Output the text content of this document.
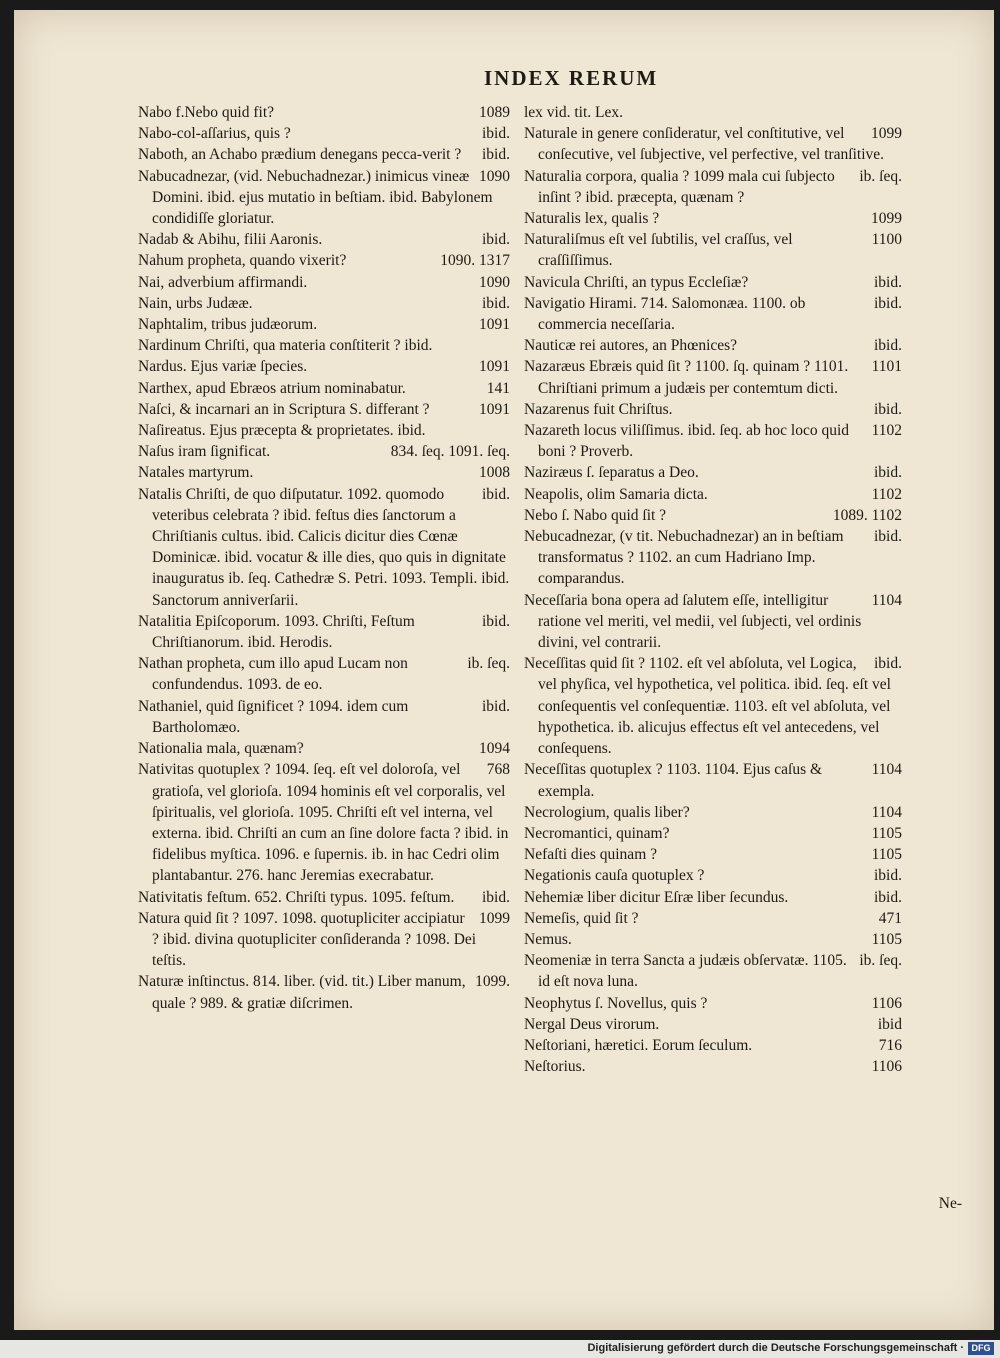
INDEX RERUM
1089
Nabo f.Nebo quid fit?
ibid.
Nabo-col-aſſarius, quis ?
ibid.
Naboth, an Achabo prædium denegans pecca-verit ?
1090
Nabucadnezar, (vid. Nebuchadnezar.) inimicus vineæ Domini. ibid. ejus mutatio in beſtiam. ibid. Babylonem condidiſſe gloriatur.
ibid.
Nadab & Abihu, filii Aaronis.
1090. 1317
Nahum propheta, quando vixerit?
1090
Nai, adverbium affirmandi.
ibid.
Nain, urbs Judææ.
1091
Naphtalim, tribus judæorum.
Nardinum Chriſti, qua materia conſtiterit ? ibid.
1091
Nardus. Ejus variæ ſpecies.
141
Narthex, apud Ebræos atrium nominabatur.
1091
Naſci, & incarnari an in Scriptura S. differant ?
Naſireatus. Ejus præcepta & proprietates. ibid.
834. ſeq. 1091. ſeq.
Naſus iram ſignificat.
1008
Natales martyrum.
ibid.
Natalis Chriſti, de quo diſputatur. 1092. quomodo veteribus celebrata ? ibid. feſtus dies ſanctorum a Chriſtianis cultus. ibid. Calicis dicitur dies Cœnæ Dominicæ. ibid. vocatur & ille dies, quo quis in dignitate inauguratus ib. ſeq. Cathedræ S. Petri. 1093. Templi. ibid. Sanctorum anniverſarii.
ibid.
Natalitia Epiſcoporum. 1093. Chriſti, Feſtum Chriſtianorum. ibid. Herodis.
ib. ſeq.
Nathan propheta, cum illo apud Lucam non confundendus. 1093. de eo.
ibid.
Nathaniel, quid ſignificet ? 1094. idem cum Bartholomæo.
1094
Nationalia mala, quænam?
768
Nativitas quotuplex ? 1094. ſeq. eſt vel doloroſa, vel gratioſa, vel glorioſa. 1094 hominis eſt vel corporalis, vel ſpiritualis, vel glorioſa. 1095. Chriſti eſt vel interna, vel externa. ibid. Chriſti an cum an ſine dolore facta ? ibid. in fidelibus myſtica. 1096. e ſupernis. ib. in hac Cedri olim plantabantur. 276. hanc Jeremias execrabatur.
ibid.
Nativitatis feſtum. 652. Chriſti typus. 1095. feſtum.
1099
Natura quid ſit ? 1097. 1098. quotupliciter accipiatur ? ibid. divina quotupliciter conſideranda ? 1098. Dei teſtis.
1099.
Naturæ inſtinctus. 814. liber. (vid. tit.) Liber manum, quale ? 989. & gratiæ diſcrimen.
lex vid. tit. Lex.
1099
Naturale in genere conſideratur, vel conſtitutive, vel conſecutive, vel ſubjective, vel perfective, vel tranſitive.
ib. ſeq.
Naturalia corpora, qualia ? 1099 mala cui ſubjecto inſint ? ibid. præcepta, quænam ?
1099
Naturalis lex, qualis ?
1100
Naturaliſmus eſt vel ſubtilis, vel craſſus, vel craſſiſſimus.
ibid.
Navicula Chriſti, an typus Eccleſiæ?
ibid.
Navigatio Hirami. 714. Salomonæa. 1100. ob commercia neceſſaria.
ibid.
Nauticæ rei autores, an Phœnices?
1101
Nazaræus Ebræis quid ſit ? 1100. ſq. quinam ? 1101. Chriſtiani primum a judæis per contemtum dicti.
ibid.
Nazarenus fuit Chriſtus.
1102
Nazareth locus viliſſimus. ibid. ſeq. ab hoc loco quid boni ? Proverb.
ibid.
Naziræus ſ. ſeparatus a Deo.
1102
Neapolis, olim Samaria dicta.
1089. 1102
Nebo ſ. Nabo quid ſit ?
ibid.
Nebucadnezar, (v tit. Nebuchadnezar) an in beſtiam transformatus ? 1102. an cum Hadriano Imp. comparandus.
1104
Neceſſaria bona opera ad ſalutem eſſe, intelligitur ratione vel meriti, vel medii, vel ſubjecti, vel ordinis divini, vel contrarii.
ibid.
Neceſſitas quid ſit ? 1102. eſt vel abſoluta, vel Logica, vel phyſica, vel hypothetica, vel politica. ibid. ſeq. eſt vel conſequentis vel conſequentiæ. 1103. eſt vel abſoluta, vel hypothetica. ib. alicujus effectus eſt vel antecedens, vel conſequens.
1104
Neceſſitas quotuplex ? 1103. 1104. Ejus caſus & exempla.
1104
Necrologium, qualis liber?
1105
Necromantici, quinam?
1105
Nefaſti dies quinam ?
ibid.
Negationis cauſa quotuplex ?
ibid.
Nehemiæ liber dicitur Eſræ liber ſecundus.
471
Nemeſis, quid ſit ?
1105
Nemus.
ib. ſeq.
Neomeniæ in terra Sancta a judæis obſervatæ. 1105. id eſt nova luna.
1106
Neophytus ſ. Novellus, quis ?
ibid
Nergal Deus virorum.
716
Neſtoriani, hæretici. Eorum ſeculum.
1106
Neſtorius.
Ne-
Digitalisierung gefördert durch die Deutsche Forschungsgemeinschaft · DFG
